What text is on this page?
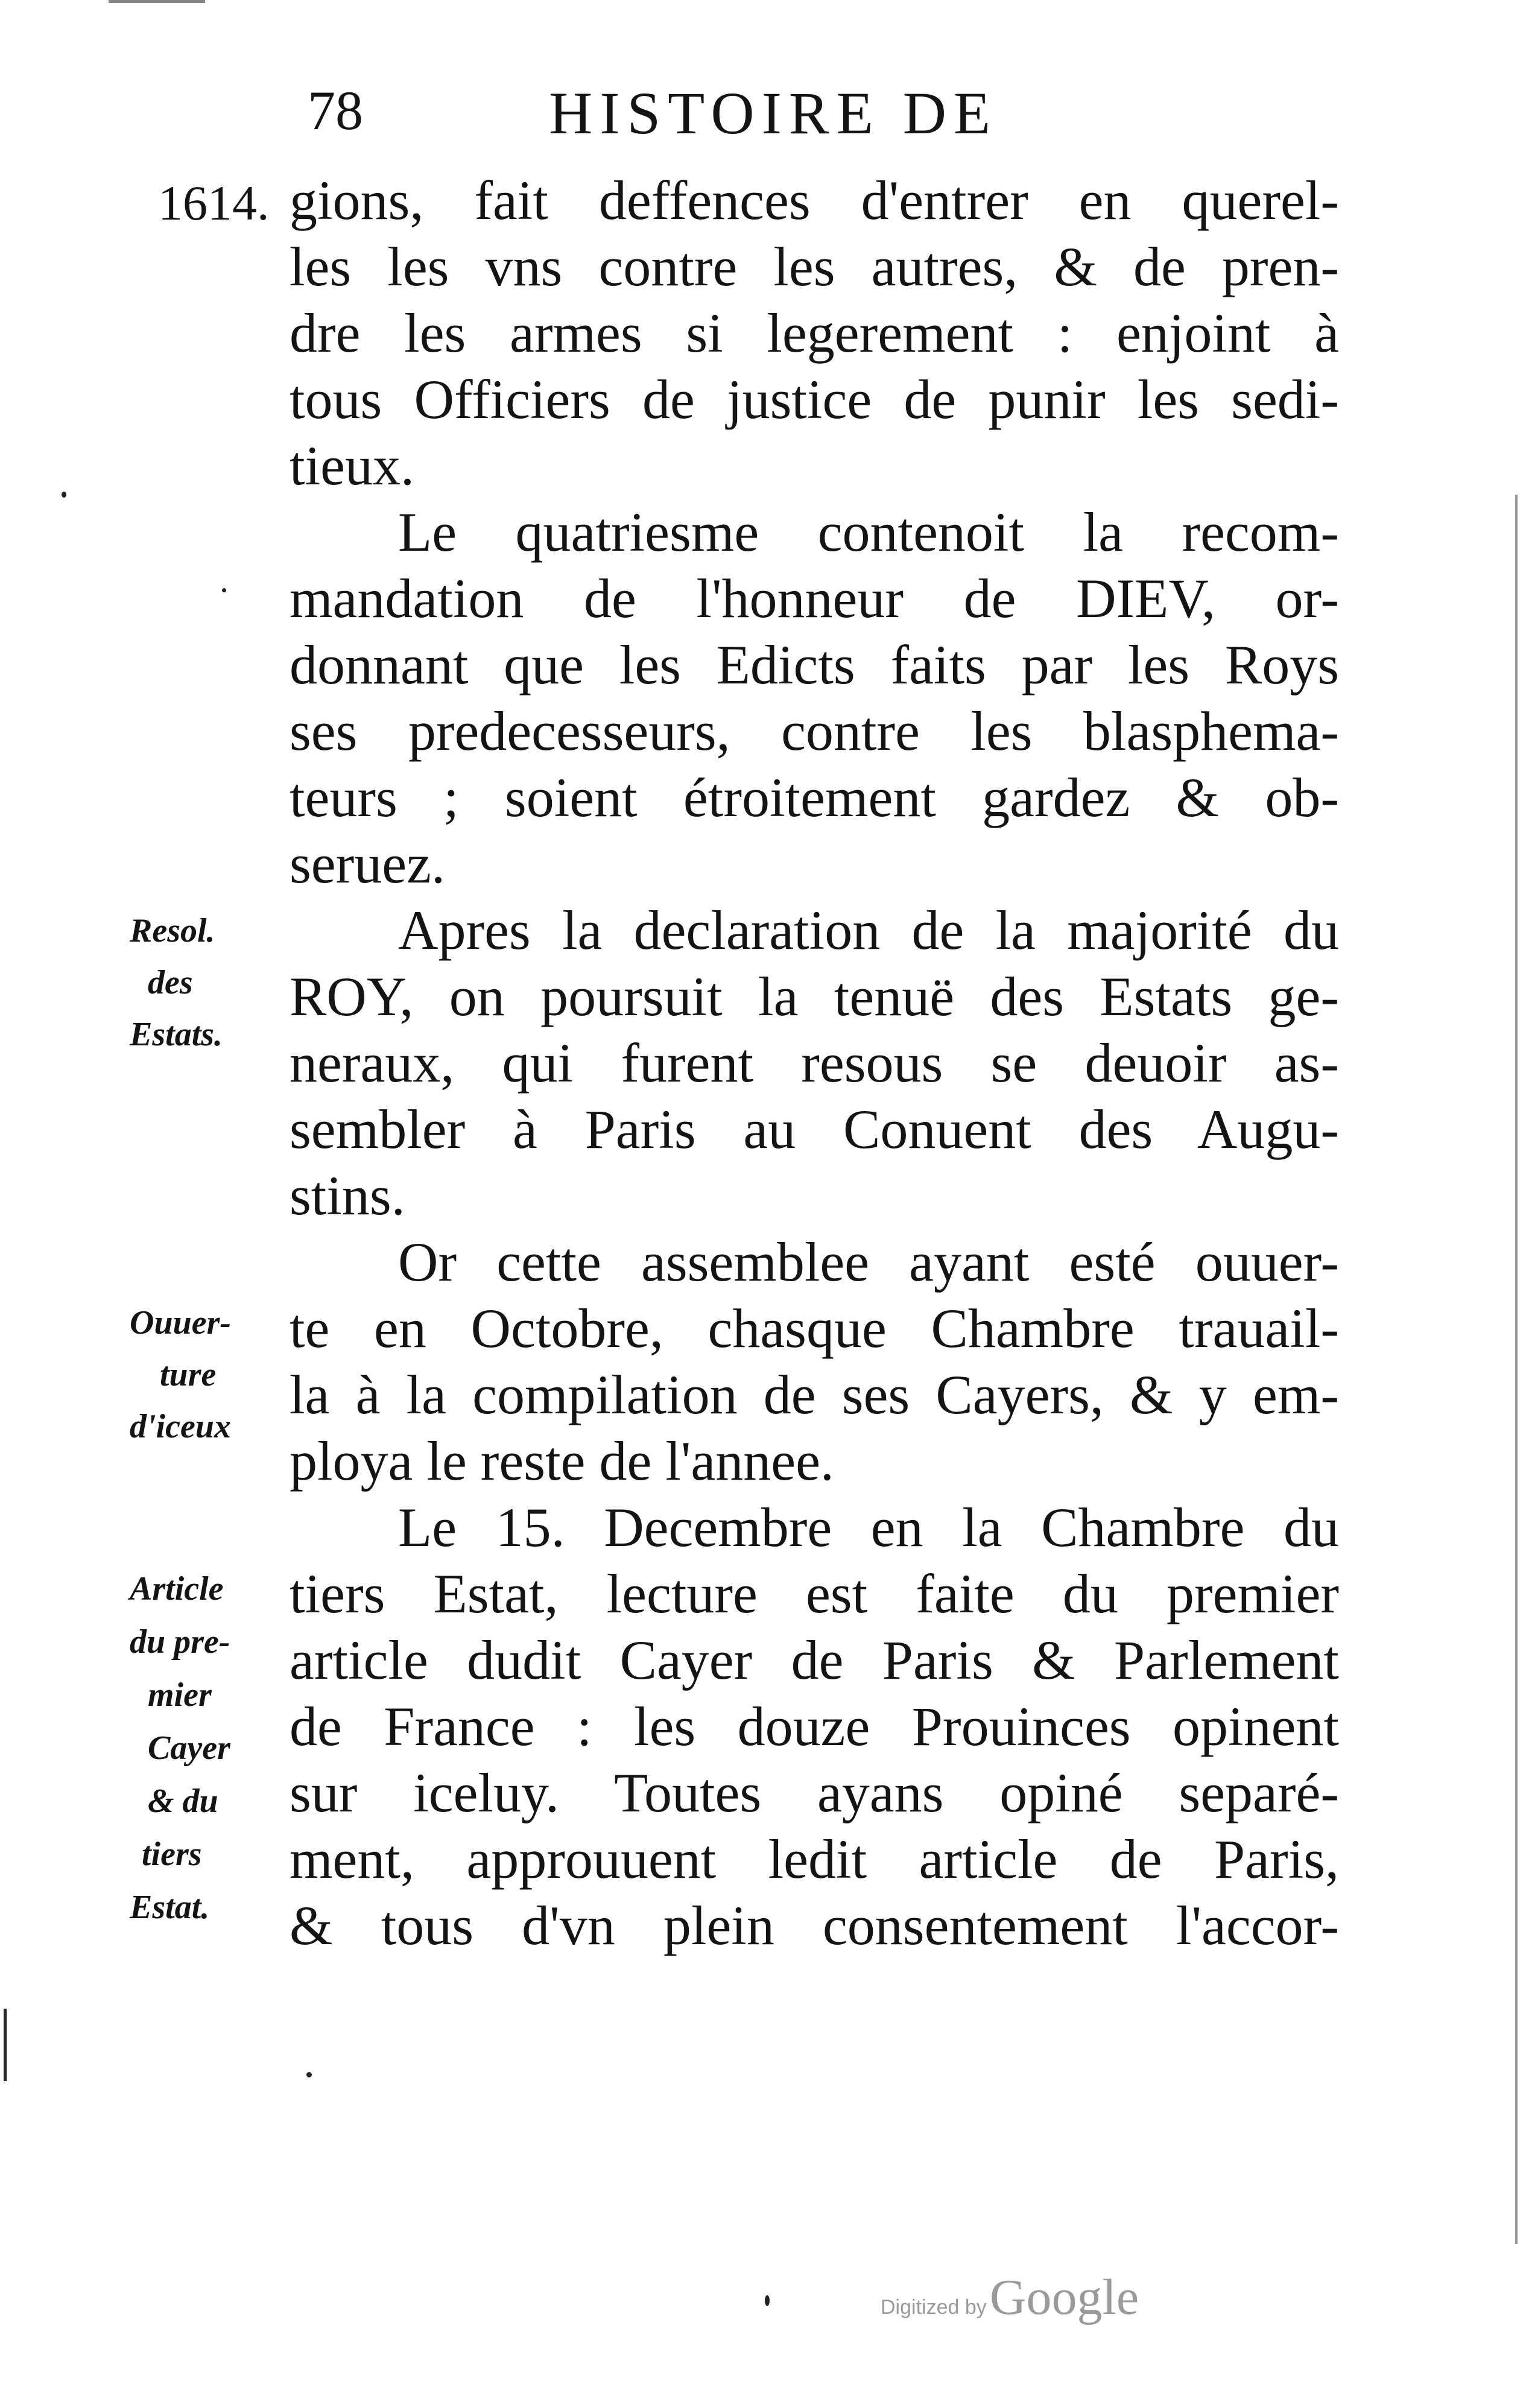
78	HISTOIRE DE
1614. gions, fait deffences d'entrer en querel-
les les vns contre les autres, & de pren-
dre les armes si legerement : enjoint à
tous Officiers de justice de punir les sedi-
tieux.
Le quatriesme contenoit la recom-
mandation de l'honneur de DIEV, or-
donnant que les Edicts faits par les Roys
ses predecesseurs, contre les blasphema-
teurs ; soient étroitement gardez & ob-
seruez.
Apres la declaration de la majorité du
ROY, on poursuit la tenuë des Estats ge-
neraux, qui furent resous se deuoir as-
sembler à Paris au Conuent des Augu-
stins.
Or cette assemblee ayant esté ouuer-
te en Octobre, chasque Chambre trauail-
la à la compilation de ses Cayers, & y em-
ploya le reste de l'annee.
Le 15. Decembre en la Chambre du
tiers Estat, lecture est faite du premier
article dudit Cayer de Paris & Parlement
de France : les douze Prouinces opinent
sur iceluy. Toutes ayans opiné separé-
ment, approuuent ledit article de Paris,
& tous d'vn plein consentement l'accor-
Resol.
des
Estats.
Ouuer-
ture
d'iceux
Article
du pre-
mier
Cayer
& du
tiers
Estat.
Digitized by Google
